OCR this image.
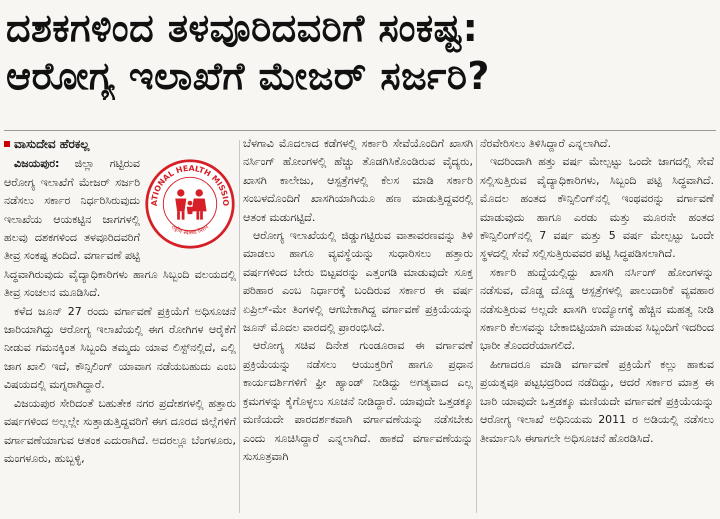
ದಶಕಗಳಿಂದ ತಳವೂರಿದವರಿಗೆ ಸಂಕಷ್ಟ:
ಆರೋಗ್ಯ ಇಲಾಖೆಗೆ ಮೇಜರ್ ಸರ್ಜರಿ?
ವಾಸುದೇವ ಹೆರಕಲ್ಲ
ATIONAL HEALTH MISSIO
राष्ट्रीय स्वास्थ्य मिशन

ವಿಜಯಪುರ: ಜಿಲ್ಲಾ ಗಟ್ಟಿರುವ ಆರೋಗ್ಯ ಇಲಾಖೆಗೆ ಮೇಜರ್ ಸರ್ಜರಿ ನಡೆಸಲು ಸರ್ಕಾರ ನಿರ್ಧರಿಸಿರುವುದು ಇಲಾಖೆಯ ಆಯಕಟ್ಟಿನ ಜಾಗಗಳಲ್ಲಿ ಹಲವು ದಶಕಗಳಿಂದ ತಳವೂರಿದವರಿಗೆ ತೀವ್ರ ಸಂಕಷ್ಟ ತಂದಿದೆ. ವರ್ಗಾವಣೆ ಪಟ್ಟಿ ಸಿದ್ಧವಾಗಿರುವುದು ವೈದ್ಯಾಧಿಕಾರಿಗಳು ಹಾಗೂ ಸಿಬ್ಬಂದಿ ವಲಯದಲ್ಲಿ ತೀವ್ರ ಸಂಚಲನ ಮೂಡಿಸಿದೆ.

ಕಳೆದ ಜೂನ್ 27 ರಂದು ವರ್ಗಾವಣೆ ಪ್ರಕ್ರಿಯೆಗೆ ಅಧಿಸೂಚನೆ ಜಾರಿಯಾಗಿದ್ದು ಆರೋಗ್ಯ ಇಲಾಖೆಯಲ್ಲಿ ಈಗ ರೋಗಿಗಳ ಆರೈಕೆಗೆ ನೀಡುವ ಗಮನಕ್ಕಿಂತ ಸಿಬ್ಬಂದಿ ತಮ್ಮದು ಯಾವ ಲಿಸ್ಟ್‌ನಲ್ಲಿದೆ, ಎಲ್ಲಿ ಜಾಗ ಖಾಲಿ ಇದೆ, ಕೌನ್ಸಿಲಿಂಗ್ ಯಾವಾಗ ನಡೆಯಬಹುದು ಎಂಬ ವಿಷಯದಲ್ಲಿ ಮಗ್ನರಾಗಿದ್ದಾರೆ.

ವಿಜಯಪುರ ಸೇರಿದಂತೆ ಬಹುತೇಕ ನಗರ ಪ್ರದೇಶಗಳಲ್ಲಿ ಹತ್ತಾರು ವರ್ಷಗಳಿಂದ ಅಲ್ಲಲ್ಲೇ ಸುತ್ತಾಡುತ್ತಿದ್ದವರಿಗೆ ಈಗ ದೂರದ ಜಿಲ್ಲೆಗಳಿಗೆ ವರ್ಗಾವಣೆಯಾಗುವ ಆತಂಕ ಎದುರಾಗಿದೆ. ಅದರಲ್ಲೂ ಬೆಂಗಳೂರು, ಮಂಗಳೂರು, ಹುಬ್ಬಳ್ಳಿ,

ಬೆಳಗಾವಿ ಮೊದಲಾದ ಕಡೆಗಳಲ್ಲಿ ಸರ್ಕಾರಿ ಸೇವೆಯೊಂದಿಗೆ ಖಾಸಗಿ ನರ್ಸಿಂಗ್ ಹೋಂಗಳಲ್ಲಿ ಹೆಚ್ಚು ತೊಡಗಿಸಿಕೊಂಡಿರುವ ವೈದ್ಯರು, ಖಾಸಗಿ ಕಾಲೇಜು, ಆಸ್ಪತ್ರೆಗಳಲ್ಲಿ ಕೆಲಸ ಮಾಡಿ ಸರ್ಕಾರಿ ಸಂಬಳದೊಂದಿಗೆ ಖಾಸಗಿಯಾಗಿಯೂ ಹಣ ಮಾಡುತ್ತಿದ್ದವರಲ್ಲಿ ಆತಂಕ ಮಡುಗಟ್ಟಿದೆ.

ಆರೋಗ್ಯ ಇಲಾಖೆಯಲ್ಲಿ ಜಿಡ್ಡುಗಟ್ಟಿರುವ ವಾತಾವರಣವನ್ನು ತಿಳಿ ಮಾಡಲು ಹಾಗೂ ವ್ಯವಸ್ಥೆಯನ್ನು ಸುಧಾರಿಸಲು ಹತ್ತಾರು ವರ್ಷಗಳಿಂದ ಬೇರು ಬಿಟ್ಟವರನ್ನು ಎತ್ತಂಗಡಿ ಮಾಡುವುದೇ ಸೂಕ್ತ ಪರಿಹಾರ ಎಂಬ ನಿರ್ಧಾರಕ್ಕೆ ಬಂದಿರುವ ಸರ್ಕಾರ ಈ ವರ್ಷ ಏಪ್ರಿಲ್-ಮೇ ತಿಂಗಳಲ್ಲಿ ಆಗಬೇಕಾಗಿದ್ದ ವರ್ಗಾವಣೆ ಪ್ರಕ್ರಿಯೆಯನ್ನು ಜೂನ್ ಮೊದಲ ವಾರದಲ್ಲಿ ಪ್ರಾರಂಭಿಸಿದೆ.

ಆರೋಗ್ಯ ಸಚಿವ ದಿನೇಶ ಗುಂಡೂರಾವ ಈ ವರ್ಗಾವಣೆ ಪ್ರಕ್ರಿಯೆಯನ್ನು ನಡೆಸಲು ಆಯುಕ್ತರಿಗೆ ಹಾಗೂ ಪ್ರಧಾನ ಕಾರ್ಯದರ್ಶಿಗಳಿಗೆ ಫ್ರೀ ಹ್ಯಾಂಡ್ ನೀಡಿದ್ದು ಅಗತ್ಯವಾದ ಎಲ್ಲ ಕ್ರಮಗಳನ್ನು ಕೈಗೊಳ್ಳಲು ಸೂಚನೆ ನೀಡಿದ್ದಾರೆ. ಯಾವುದೇ ಒತ್ತಡಕ್ಕೂ ಮಣಿಯದೇ ಪಾರದರ್ಶಕವಾಗಿ ವರ್ಗಾವಣೆಯನ್ನು ನಡೆಸಬೇಕು ಎಂದು ಸೂಚಿಸಿದ್ದಾರೆ ಎನ್ನಲಾಗಿದೆ. ಹಾಕದೆ ವರ್ಗಾವಣೆಯನ್ನು ಸುಸೂತ್ರವಾಗಿ

ನೆರವೇರಿಸಲು ತಿಳಿಸಿದ್ದಾರೆ ಎನ್ನಲಾಗಿದೆ.

ಇದರಿಂದಾಗಿ ಹತ್ತು ವರ್ಷ ಮೇಲ್ಪಟ್ಟು ಒಂದೇ ಜಾಗದಲ್ಲಿ ಸೇವೆ ಸಲ್ಲಿಸುತ್ತಿರುವ ವೈದ್ಯಾಧಿಕಾರಿಗಳು, ಸಿಬ್ಬಂದಿ ಪಟ್ಟಿ ಸಿದ್ಧವಾಗಿದೆ. ಮೊದಲ ಹಂತದ ಕೌನ್ಸಿಲಿಂಗ್‌ನಲ್ಲಿ ಇಂಥವರನ್ನು ವರ್ಗಾವಣೆ ಮಾಡುವುದು ಹಾಗೂ ಎರಡು ಮತ್ತು ಮೂರನೇ ಹಂತದ ಕೌನ್ಸಿಲಿಂಗ್‌ನಲ್ಲಿ 7 ವರ್ಷ ಮತ್ತು 5 ವರ್ಷ ಮೇಲ್ಪಟ್ಟು ಒಂದೇ ಸ್ಥಳದಲ್ಲಿ ಸೇವೆ ಸಲ್ಲಿಸುತ್ತಿರುವವರ ಪಟ್ಟಿ ಸಿದ್ಧಪಡಿಸಲಾಗಿದೆ.

ಸರ್ಕಾರಿ ಹುದ್ದೆಯಲ್ಲಿದ್ದು ಖಾಸಗಿ ನರ್ಸಿಂಗ್ ಹೋಂಗಳನ್ನು ನಡೆಸುವ, ದೊಡ್ಡ ದೊಡ್ಡ ಆಸ್ಪತ್ರೆಗಳಲ್ಲಿ ಪಾಲುದಾರಿಕೆ ವ್ಯವಹಾರ ನಡೆಸುತ್ತಿರುವ ಅಲ್ಲದೇ ಖಾಸಗಿ ಉದ್ಯೋಗಕ್ಕೆ ಹೆಚ್ಚಿನ ಮಹತ್ವ ನೀಡಿ ಸರ್ಕಾರಿ ಕೆಲಸವನ್ನು ಬೇಕಾಬಿಟ್ಟಿಯಾಗಿ ಮಾಡುವ ಸಿಬ್ಬಂದಿಗೆ ಇದರಿಂದ ಭಾರೀ ತೊಂದರೆಯಾಗಲಿದೆ.

ಹೀಗಾದರೂ ಮಾಡಿ ವರ್ಗಾವಣೆ ಪ್ರಕ್ರಿಯೆಗೆ ಕಲ್ಲು ಹಾಕುವ ಪ್ರಯತ್ನವೂ ಪಟ್ಟಭದ್ರರಿಂದ ನಡೆದಿದ್ದು, ಆದರೆ ಸರ್ಕಾರ ಮಾತ್ರ ಈ ಬಾರಿ ಯಾವುದೇ ಒತ್ತಡಕ್ಕೂ ಮಣಿಯದೇ ವರ್ಗಾವಣೆ ಪ್ರಕ್ರಿಯೆಯನ್ನು ಆರೋಗ್ಯ ಇಲಾಖೆ ಅಧಿನಿಯಮ 2011 ರ ಅಡಿಯಲ್ಲಿ ನಡೆಸಲು ತೀರ್ಮಾನಿಸಿ ಈಗಾಗಲೇ ಅಧಿಸೂಚನೆ ಹೊರಡಿಸಿದೆ.
